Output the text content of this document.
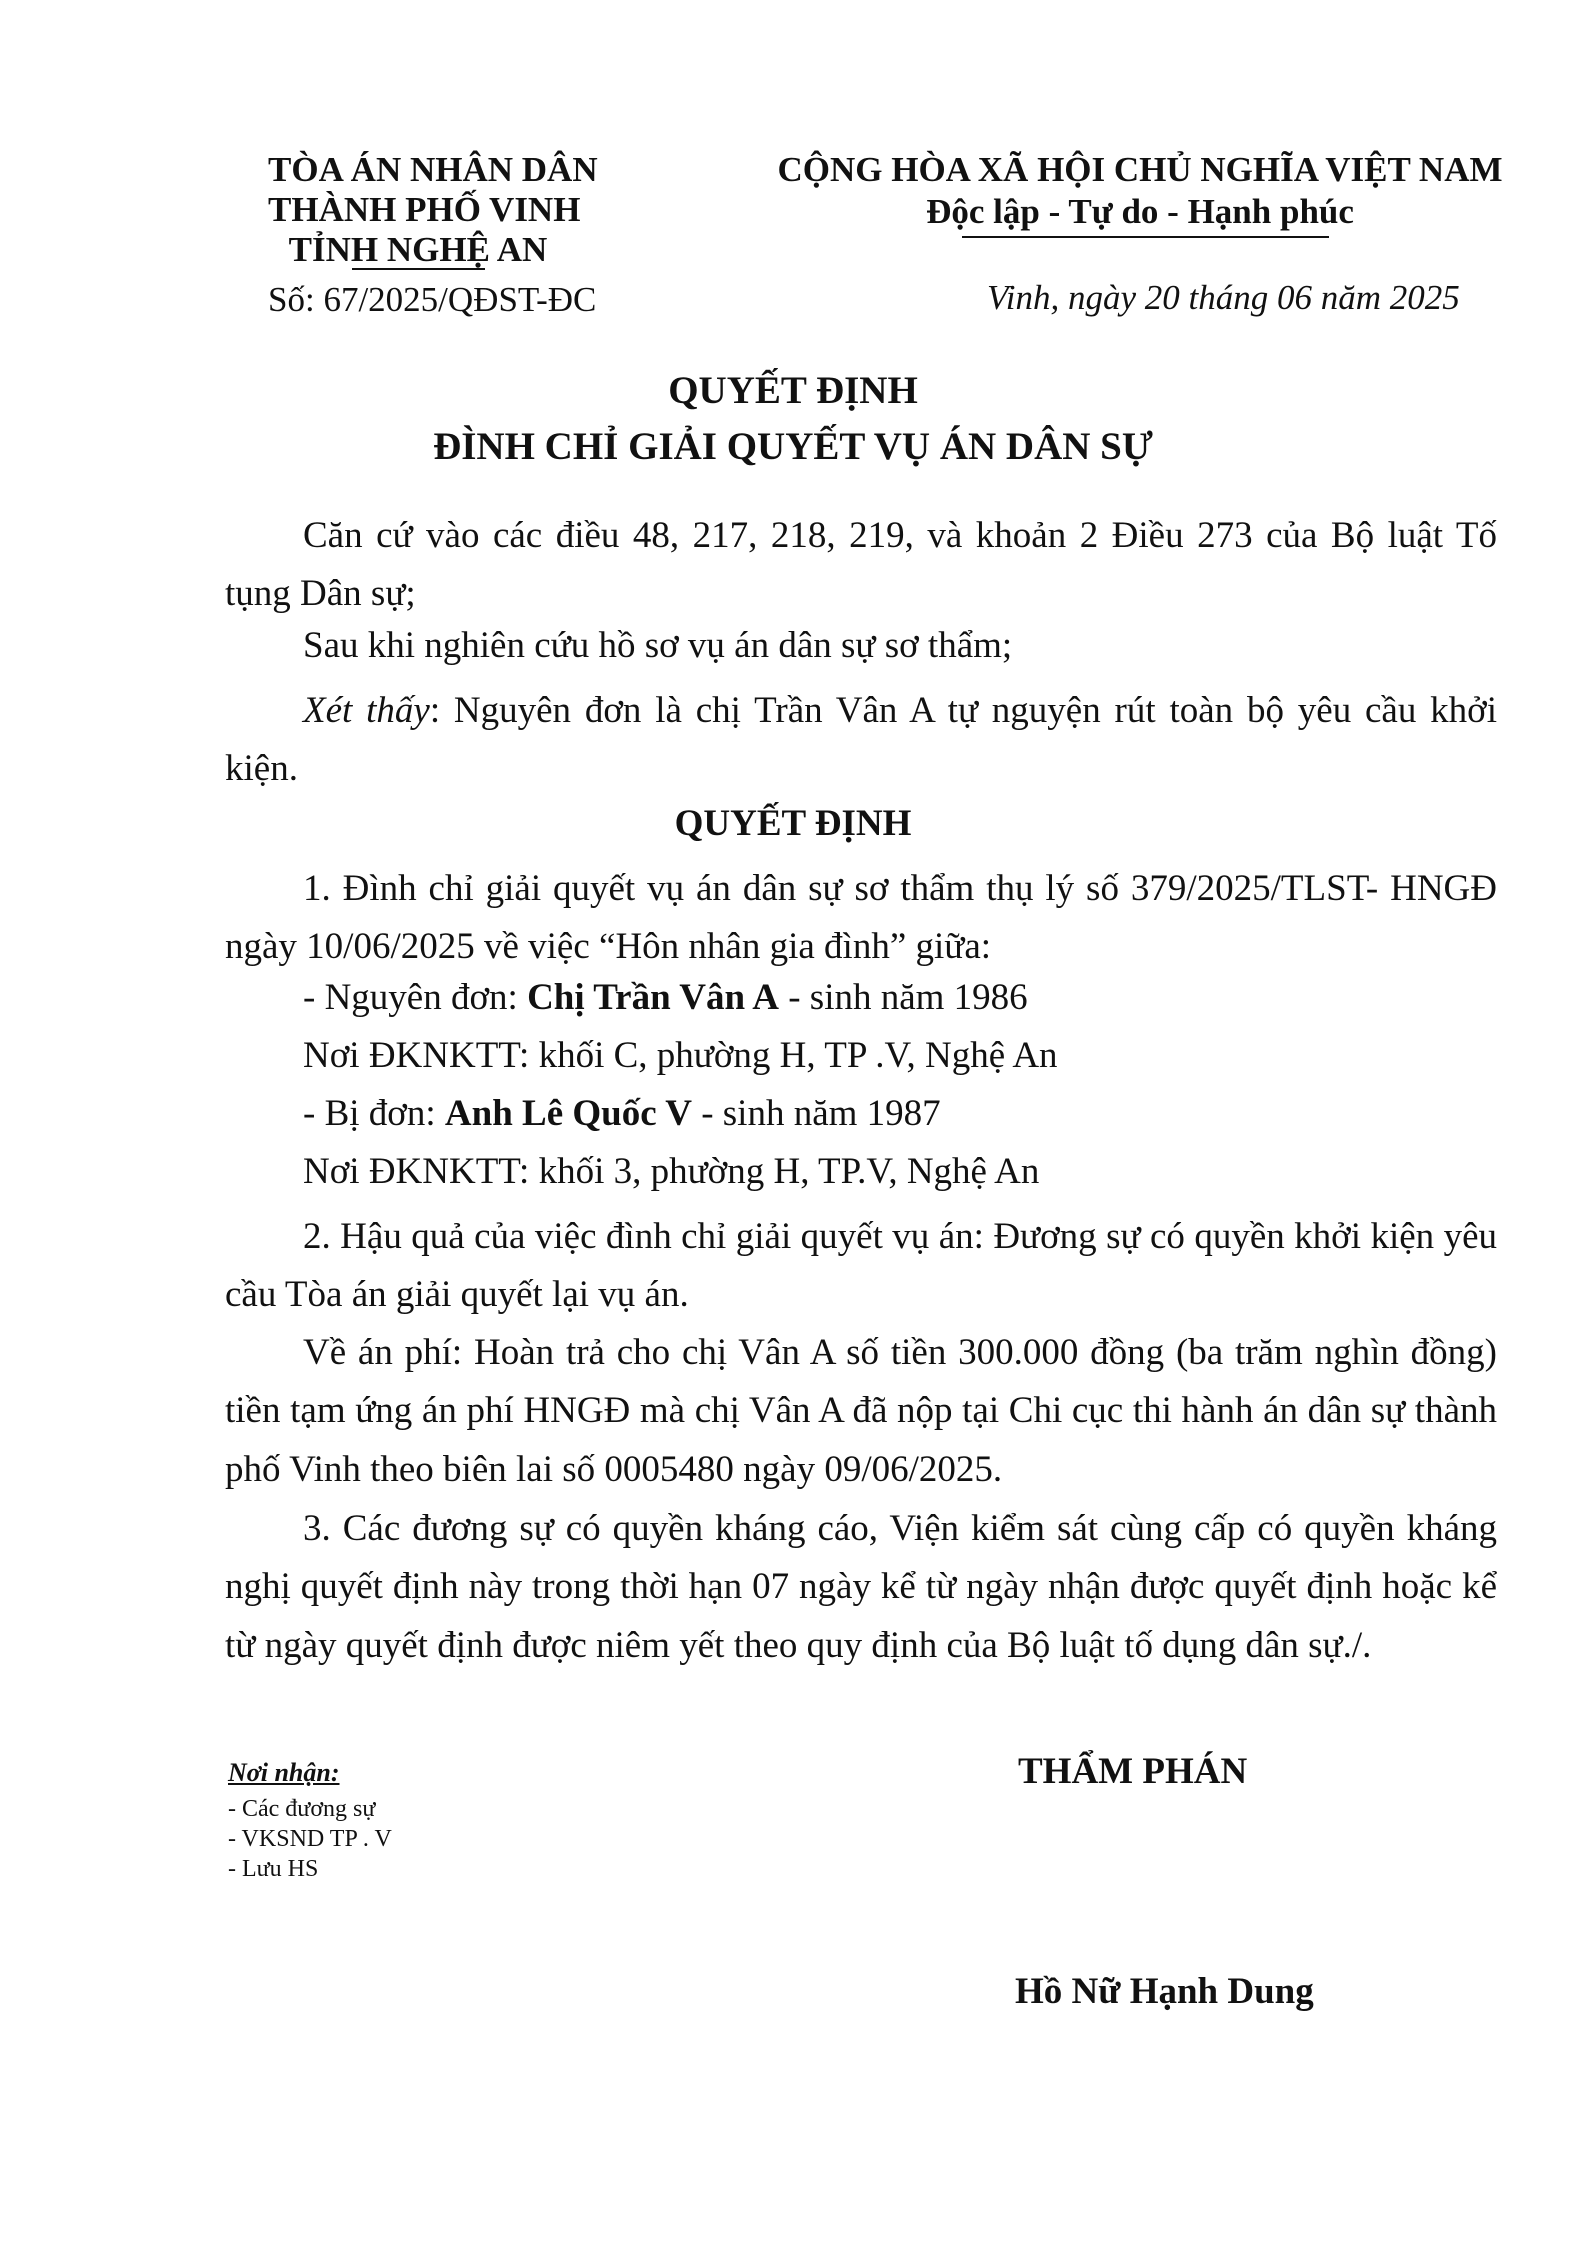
TÒA ÁN NHÂN DÂN
THÀNH PHỐ VINH
TỈNH NGHỆ AN
Số: 67/2025/QĐST-ĐC
CỘNG HÒA XÃ HỘI CHỦ NGHĨA VIỆT NAM
Độc lập - Tự do - Hạnh phúc
Vinh, ngày 20 tháng 06 năm 2025
QUYẾT ĐỊNH
ĐÌNH CHỈ GIẢI QUYẾT VỤ ÁN DÂN SỰ
Căn cứ vào các điều 48, 217, 218, 219, và khoản 2 Điều 273 của Bộ luật Tố tụng Dân sự;
Sau khi nghiên cứu hồ sơ vụ án dân sự sơ thẩm;
Xét thấy: Nguyên đơn là chị Trần Vân A tự nguyện rút toàn bộ yêu cầu khởi kiện.
QUYẾT ĐỊNH
1. Đình chỉ giải quyết vụ án dân sự sơ thẩm thụ lý số 379/2025/TLST- HNGĐ ngày 10/06/2025 về việc “Hôn nhân gia đình” giữa:
- Nguyên đơn: Chị Trần Vân A - sinh năm 1986
Nơi ĐKNKTT: khối C, phường H, TP .V, Nghệ An
- Bị đơn: Anh Lê Quốc V - sinh năm 1987
Nơi ĐKNKTT: khối 3, phường H, TP.V, Nghệ An
2. Hậu quả của việc đình chỉ giải quyết vụ án: Đương sự có quyền khởi kiện yêu cầu Tòa án giải quyết lại vụ án.
Về án phí: Hoàn trả cho chị Vân A số tiền 300.000 đồng (ba trăm nghìn đồng) tiền tạm ứng án phí HNGĐ mà chị Vân A đã nộp tại Chi cục thi hành án dân sự thành phố Vinh theo biên lai số 0005480 ngày 09/06/2025.
3. Các đương sự có quyền kháng cáo, Viện kiểm sát cùng cấp có quyền kháng nghị quyết định này trong thời hạn 07 ngày kể từ ngày nhận được quyết định hoặc kể từ ngày quyết định được niêm yết theo quy định của Bộ luật tố dụng dân sự./.
Nơi nhận:
- Các đương sự
- VKSND TP . V
- Lưu HS
THẨM PHÁN
Hồ Nữ Hạnh Dung
